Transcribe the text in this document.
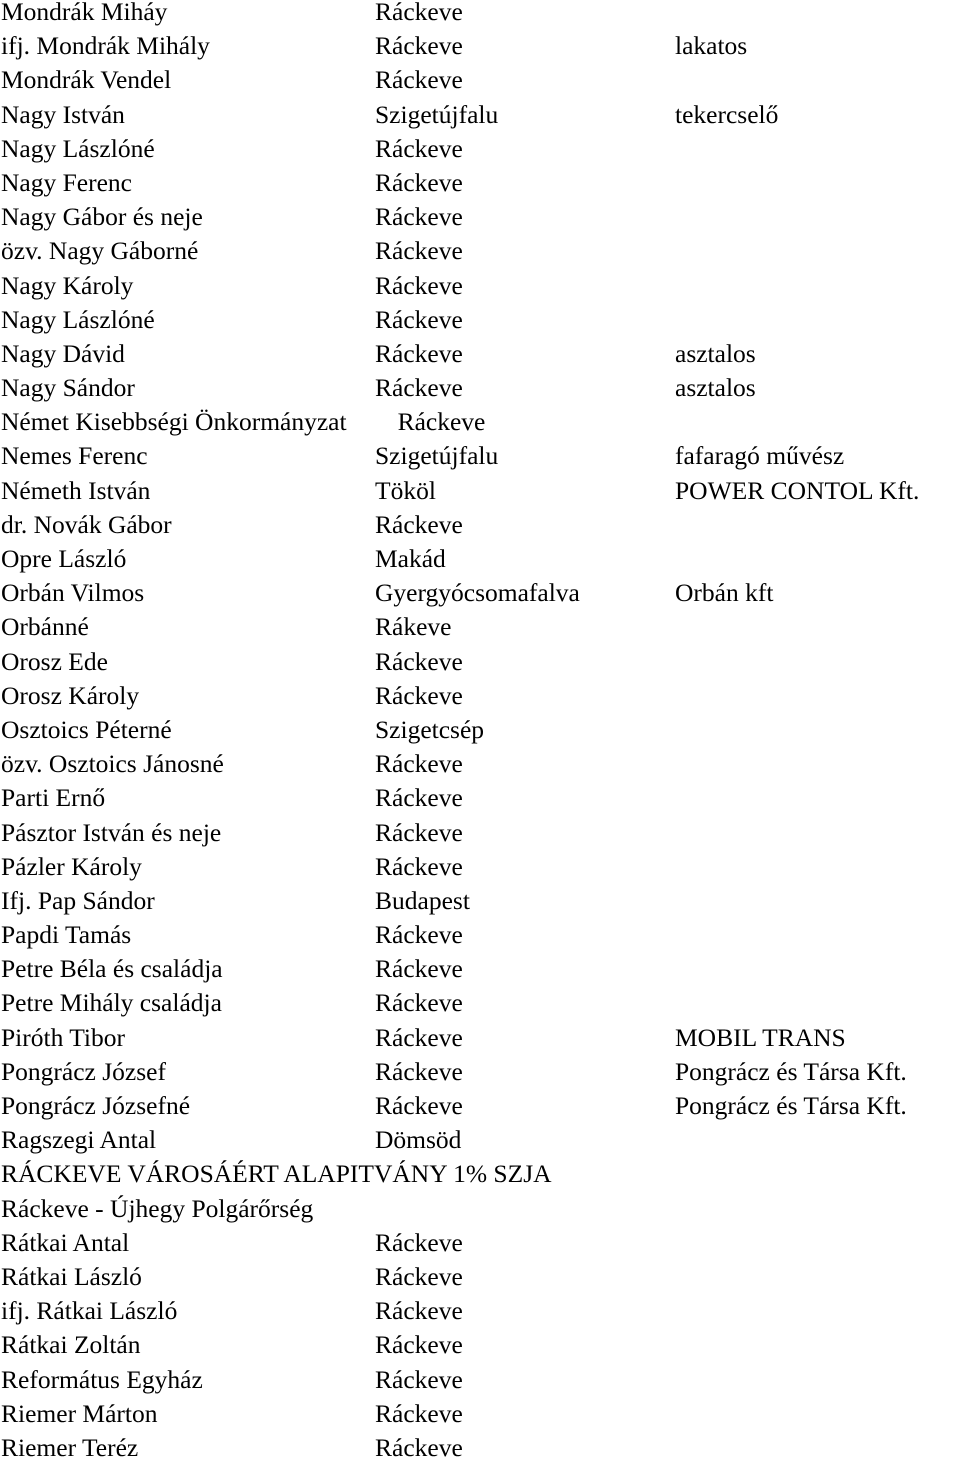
Mondrák Miháy	Ráckeve
ifj. Mondrák Mihály	Ráckeve	lakatos
Mondrák Vendel	Ráckeve
Nagy István	Szigetújfalu	tekercselő
Nagy Lászlóné	Ráckeve
Nagy Ferenc	Ráckeve
Nagy Gábor és neje	Ráckeve
özv. Nagy Gáborné	Ráckeve
Nagy Károly	Ráckeve
Nagy Lászlóné	Ráckeve
Nagy Dávid	Ráckeve	asztalos
Nagy Sándor	Ráckeve	asztalos
Német Kisebbségi Önkormányzat     Ráckeve
Nemes Ferenc	Szigetújfalu	fafaragó művész
Németh István	Tököl	POWER CONTOL Kft.
dr. Novák Gábor	Ráckeve
Opre László	Makád
Orbán Vilmos	Gyergyócsomafalva	Orbán kft
Orbánné	Rákeve
Orosz Ede	Ráckeve
Orosz Károly	Ráckeve
Osztoics Péterné	Szigetcsép
özv. Osztoics Jánosné	Ráckeve
Parti Ernő	Ráckeve
Pásztor István és neje	Ráckeve
Pázler Károly	Ráckeve
Ifj. Pap Sándor	Budapest
Papdi Tamás	Ráckeve
Petre Béla és családja	Ráckeve
Petre Mihály családja	Ráckeve
Piróth Tibor	Ráckeve	MOBIL TRANS
Pongrácz József	Ráckeve	Pongrácz és Társa Kft.
Pongrácz Józsefné	Ráckeve	Pongrácz és Társa Kft.
Ragszegi Antal	Dömsöd
RÁCKEVE VÁROSÁÉRT ALAPITVÁNY 1% SZJA
Ráckeve - Újhegy Polgárőrség
Rátkai Antal	Ráckeve
Rátkai László	Ráckeve
ifj. Rátkai László	Ráckeve
Rátkai Zoltán	Ráckeve
Református Egyház	Ráckeve
Riemer Márton	Ráckeve
Riemer Teréz	Ráckeve
